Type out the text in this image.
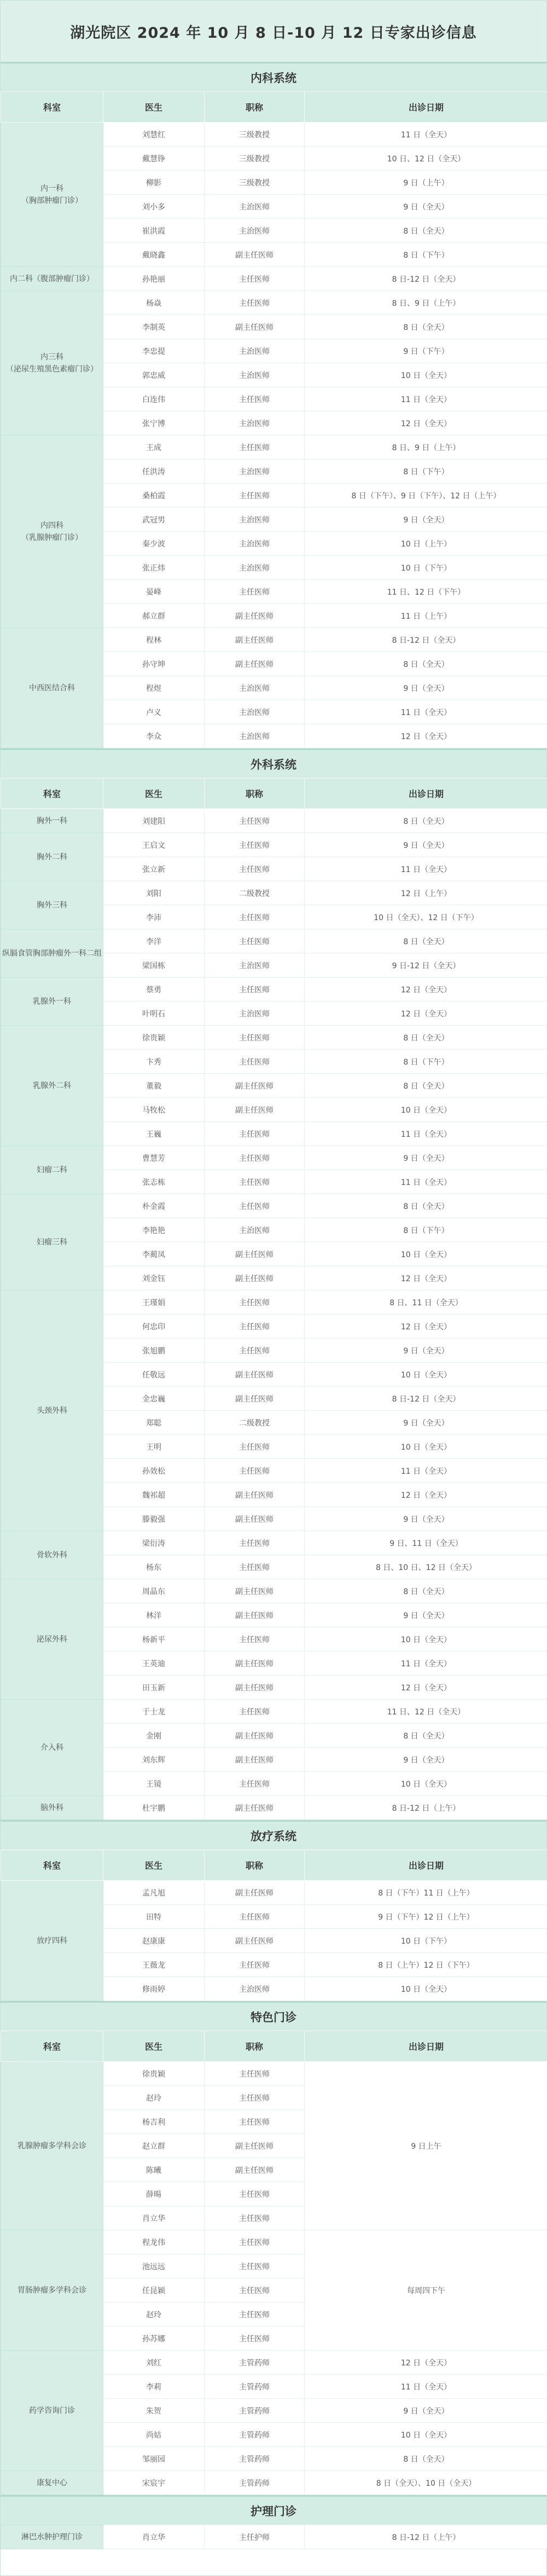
湖光院区 2024 年 10 月 8 日-10 月 12 日专家出诊信息
内科系统
科室	医生	职称	出诊日期
内一科
（胸部肿瘤门诊）	刘慧红	三级教授	11 日（全天）
	戴慧铮	三级教授	10 日、12 日（全天）
	柳影	三级教授	9 日（上午）
	刘小多	主治医师	9 日（全天）
	崔洪霞	主治医师	8 日（全天）
	戴晓鑫	副主任医师	8 日（下午）
内二科（腹部肿瘤门诊）	孙艳丽	主任医师	8 日-12 日（全天）
内三科
（泌尿生殖黑色素瘤门诊）	杨焱	主任医师	8 日、9 日（上午）
	李制英	副主任医师	8 日（全天）
	李忠提	主治医师	9 日（下午）
	郭忠威	主治医师	10 日（全天）
	白连伟	主任医师	11 日（全天）
	张宁博	主治医师	12 日（全天）
内四科
（乳腺肿瘤门诊）	王成	主任医师	8 日、9 日（上午）
	任洪涛	主治医师	8 日（下午）
	桑柏霞	主任医师	8 日（下午）、9 日（下午）、12 日（上午）
	武冠男	主治医师	9 日（全天）
	秦少波	主治医师	10 日（上午）
	张正炜	主治医师	10 日（下午）
	晏峰	主任医师	11 日、12 日（下午）
	郝立群	副主任医师	11 日（上午）
中西医结合科	程林	副主任医师	8 日-12 日（全天）
	孙守坤	副主任医师	8 日（全天）
	程煜	主治医师	9 日（全天）
	卢义	主治医师	11 日（全天）
	李众	主治医师	12 日（全天）
外科系统
科室	医生	职称	出诊日期
胸外一科	刘建阳	主任医师	8 日（全天）
胸外二科	王启文	主任医师	9 日（全天）
	张立新	主任医师	11 日（全天）
胸外三科	刘阳	二级教授	12 日（上午）
	李沛	主任医师	10 日（全天）、12 日（下午）
纵膈食管胸部肿瘤外一科二组	李洋	主任医师	8 日（全天）
	梁国栋	主治医师	9 日-12 日（全天）
乳腺外一科	蔡勇	主任医师	12 日（全天）
	叶明石	主治医师	12 日（全天）
乳腺外二科	徐贵颖	主任医师	8 日（全天）
	卞秀	主任医师	8 日（下午）
	董毅	副主任医师	8 日（全天）
	马牧松	副主任医师	10 日（全天）
	王巍	主任医师	11 日（全天）
妇瘤二科	曹慧芳	主任医师	9 日（全天）
	张志栋	主任医师	11 日（全天）
妇瘤三科	朴金霞	主任医师	8 日（全天）
	李艳艳	主治医师	8 日（下午）
	李蔺凤	副主任医师	10 日（全天）
	刘金钰	副主任医师	12 日（全天）
头颈外科	王瑾娟	主任医师	8 日、11 日（全天）
	何忠印	主任医师	12 日（全天）
	张旭鹏	主任医师	9 日（全天）
	任敬远	副主任医师	10 日（全天）
	金忠巍	副主任医师	8 日-12 日（全天）
	郑聪	二级教授	9 日（全天）
	王明	主任医师	10 日（全天）
	孙效松	主任医师	11 日（全天）
	魏祁超	副主任医师	12 日（全天）
	滕毅强	副主任医师	9 日（全天）
骨软外科	梁衍涛	主任医师	9 日、11 日（全天）
	杨东	主任医师	8 日、10 日、12 日（全天）
泌尿外科	周晶东	副主任医师	8 日（全天）
	林洋	副主任医师	9 日（全天）
	杨新平	主任医师	10 日（全天）
	王英迪	副主任医师	11 日（全天）
	田玉新	副主任医师	12 日（全天）
介入科	于士龙	主任医师	11 日、12 日（全天）
	金刚	副主任医师	8 日（全天）
	刘东辉	副主任医师	9 日（全天）
	王镜	主任医师	10 日（全天）
脑外科	杜宇鹏	副主任医师	8 日-12 日（上午）
放疗系统
科室	医生	职称	出诊日期
放疗四科	孟凡旭	副主任医师	8 日（下午）11 日（上午）
	田特	主任医师	9 日（下午）12 日（上午）
	赵康康	副主任医师	10 日（下午）
	王薇龙	主任医师	8 日（上午）12 日（下午）
	修雨婷	主治医师	10 日（全天）
特色门诊
科室	医生	职称	出诊日期
乳腺肿瘤多学科会诊	徐贵颖	主任医师	9 日上午
	赵玲	主任医师	
	杨吉利	主任医师	
	赵立群	副主任医师	
	陈曦	副主任医师	
	薛暘	主任医师	
	肖立华	主任医师	
胃肠肿瘤多学科会诊	程龙伟	主任医师	每周四下午
	池远远	主任医师	
	任昆颖	主任医师	
	赵玲	主任医师	
	孙苏娜	主任医师	
药学咨询门诊	刘红	主管药师	12 日（全天）
	李莉	主管药师	11 日（全天）
	朱贺	主管药师	9 日（全天）
	尚姑	主管药师	10 日（全天）
	邹丽园	主管药师	8 日（全天）
康复中心	宋宸宇	主管药师	8 日（全天）、10 日（全天）
护理门诊
淋巴水肿护理门诊	肖立华	主任护师	8 日-12 日（上午）
